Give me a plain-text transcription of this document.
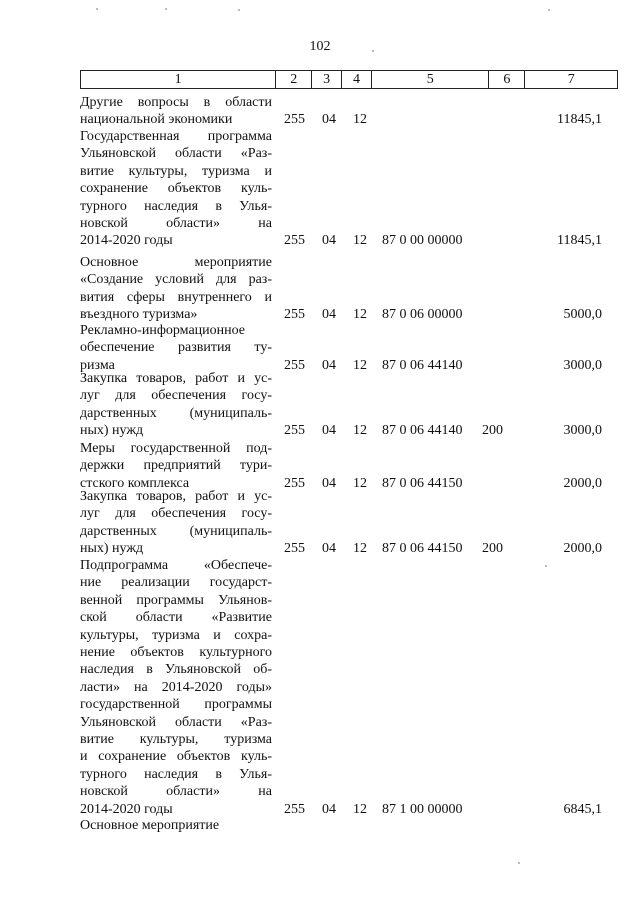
102
1	2	3	4	5	6	7
Другие вопросы в области
национальной экономики	255 04 12	11845,1
Государственная программа
Ульяновской области «Раз-
витие культуры, туризма и
сохранение объектов куль-
турного наследия в Улья-
новской области» на
2014-2020 годы	255 04 12 87 0 00 00000	11845,1
Основное мероприятие
«Создание условий для раз-
вития сферы внутреннего и
въездного туризма»	255 04 12 87 0 06 00000	5000,0
Рекламно-информационное
обеспечение развития ту-
ризма	255 04 12 87 0 06 44140	3000,0
Закупка товаров, работ и ус-
луг для обеспечения госу-
дарственных (муниципаль-
ных) нужд	255 04 12 87 0 06 44140 200	3000,0
Меры государственной под-
держки предприятий тури-
стского комплекса	255 04 12 87 0 06 44150	2000,0
Закупка товаров, работ и ус-
луг для обеспечения госу-
дарственных (муниципаль-
ных) нужд	255 04 12 87 0 06 44150 200	2000,0
Подпрограмма «Обеспече-
ние реализации государст-
венной программы Ульянов-
ской области «Развитие
культуры, туризма и сохра-
нение объектов культурного
наследия в Ульяновской об-
ласти» на 2014-2020 годы»
государственной программы
Ульяновской области «Раз-
витие культуры, туризма
и сохранение объектов куль-
турного наследия в Улья-
новской области» на
2014-2020 годы	255 04 12 87 1 00 00000	6845,1
Основное мероприятие
